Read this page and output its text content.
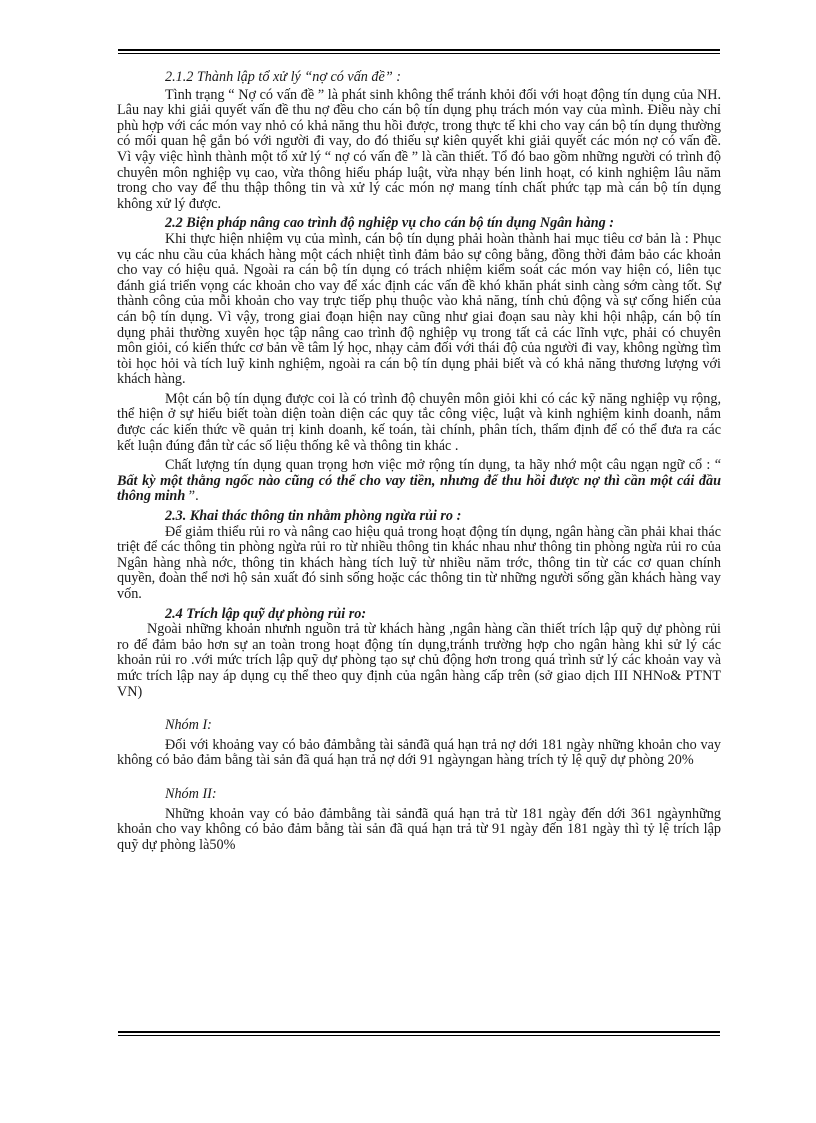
2.1.2 Thành lập tổ xử lý “nợ có vấn đề” :

Tình trạng “ Nợ có vấn đề ” là phát sinh không thể tránh khỏi đối với hoạt động tín dụng của NH. Lâu nay khi giải quyết vấn đề thu nợ đều cho cán bộ tín dụng phụ trách món vay của mình. Điều này chỉ phù hợp với các món vay nhỏ có khả năng thu hồi được, trong thực tế khi cho vay cán bộ tín dụng thường có mối quan hệ gắn bó với người đi vay, do đó thiếu sự kiên quyết khi giải quyết các món nợ có vấn đề. Vì vậy việc hình thành một tổ xử lý “ nợ có vấn đề ” là cần thiết. Tổ đó bao gồm những người có trình độ chuyên môn nghiệp vụ cao, vừa thông hiểu pháp luật, vừa nhạy bén linh hoạt, có kinh nghiệm lâu năm trong cho vay để thu thập thông tin và xử lý các món nợ mang tính chất phức tạp mà cán bộ tín dụng không xử lý được.

2.2 Biện pháp nâng cao trình độ nghiệp vụ cho cán bộ tín dụng Ngân hàng :

Khi thực hiện nhiệm vụ của mình, cán bộ tín dụng phải hoàn thành hai mục tiêu cơ bản là : Phục vụ các nhu cầu của khách hàng một cách nhiệt tình đảm bảo sự công bằng, đồng thời đảm bảo các khoản cho vay có hiệu quả. Ngoài ra cán bộ tín dụng có trách nhiệm kiểm soát các món vay hiện có, liên tục đánh giá triển vọng các khoản cho vay để xác định các vấn đề khó khăn phát sinh càng sớm càng tốt. Sự thành công của mỗi khoản cho vay trực tiếp phụ thuộc vào khả năng, tính chủ động và sự cống hiến của cán bộ tín dụng. Vì vậy, trong giai đoạn hiện nay cũng như giai đoạn sau này khi hội nhập, cán bộ tín dụng phải thường xuyên học tập nâng cao trình độ nghiệp vụ trong tất cả các lĩnh vực, phải có chuyên môn giỏi, có kiến thức cơ bản về tâm lý học, nhạy cảm đối với thái độ của người đi vay, không ngừng tìm tòi học hỏi và tích luỹ kinh nghiệm, ngoài ra cán bộ tín dụng phải biết và có khả năng thương lượng với khách hàng.

Một cán bộ tín dụng được coi là có trình độ chuyên môn giỏi khi có các kỹ năng nghiệp vụ rộng, thể hiện ở sự hiểu biết toàn diện toàn diện các quy tắc công việc, luật và kinh nghiệm kinh doanh, nắm được các kiến thức về quản trị kinh doanh, kế toán, tài chính, phân tích, thẩm định để có thể đưa ra các kết luận đúng đắn từ các số liệu thống kê và thông tin khác .

Chất lượng tín dụng quan trọng hơn việc mở rộng tín dụng, ta hãy nhớ một câu ngạn ngữ cổ : “ Bất kỳ một thằng ngốc nào cũng có thể cho vay tiền, nhưng để thu hồi được nợ thì cần một cái đầu thông minh ”.

2.3. Khai thác thông tin nhằm phòng ngừa rủi ro :

Để giảm thiểu rủi ro và nâng cao hiệu quả trong hoạt động tín dụng, ngân hàng cần phải khai thác triệt để các thông tin phòng ngừa rủi ro từ nhiều thông tin khác nhau như thông tin phòng ngừa rủi ro của Ngân hàng nhà nớc, thông tin khách hàng tích luỹ từ nhiều năm trớc, thông tin từ các cơ quan chính quyền, đoàn thể nơi hộ sản xuất đó sinh sống hoặc các thông tin từ những người sống gần khách hàng vay vốn.

2.4 Trích lập quỹ dự phòng rủi ro:

Ngoài những khoản nhưnh nguồn trả từ khách hàng ,ngân hàng cần thiết trích lập quỹ dự phòng rủi ro để đảm bảo hơn sự an toàn trong hoạt động tín dụng,tránh trường hợp cho ngân hàng khi sử lý các khoản rủi ro .với mức trích lập quỹ dự phòng tạo sự chủ động hơn trong quá trình sử lý các khoản vay và mức trích lập nay áp dụng cụ thể theo quy định của ngân hàng cấp trên (sở giao dịch III NHNo& PTNT VN)

Nhóm I:

Đối với khoảng vay có bảo đảmbằng tài sảnđã quá hạn trả nợ dới 181 ngày những khoản cho vay không có bảo đảm bằng tài sản đã quá hạn trả nợ dới 91 ngàyngan hàng trích tỷ lệ quỹ dự phòng 20%

Nhóm II:

Những khoản vay có bảo đảmbằng tài sảnđã quá hạn trả từ 181 ngày đến dới 361 ngàynhững khoản cho vay không có bảo đảm bằng tài sản đã quá hạn trả từ 91 ngày đến 181 ngày thì tỷ lệ trích lập quỹ dự phòng là50%
